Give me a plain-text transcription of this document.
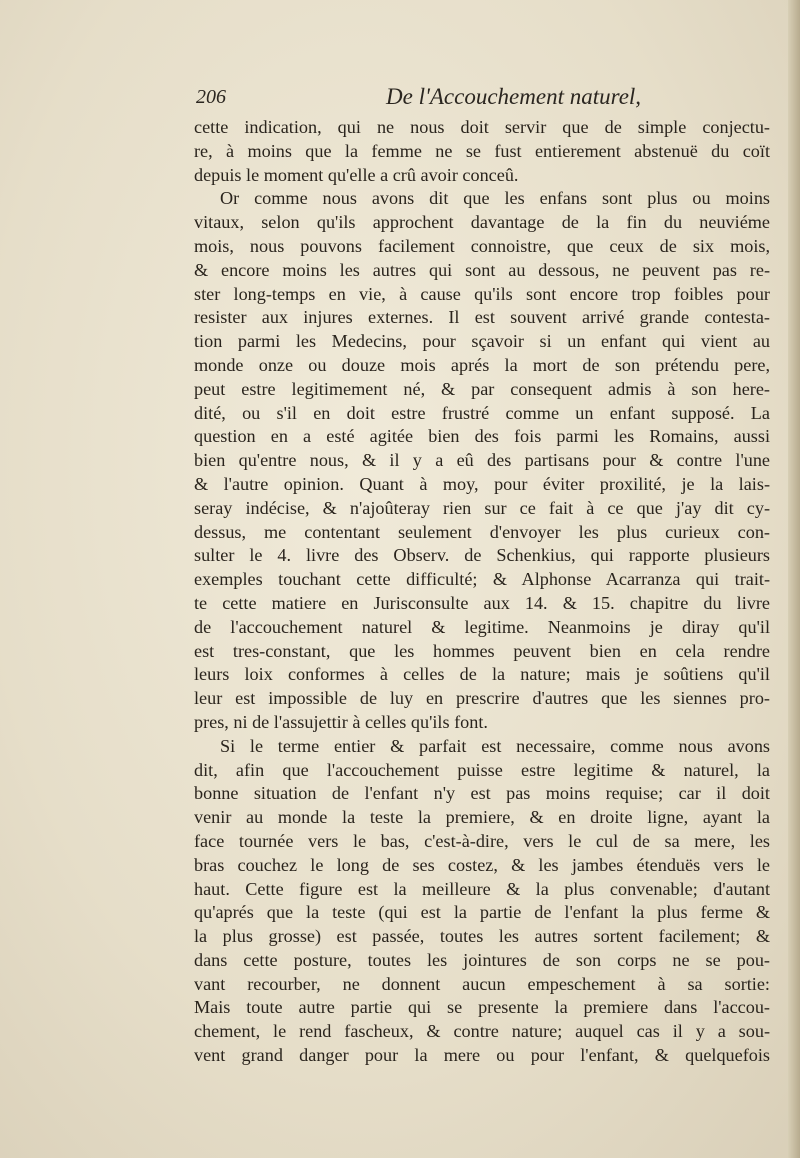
206	De l'Accouchement naturel,
cette indication, qui ne nous doit servir que de simple conjectu-
re, à moins que la femme ne se fust entierement abstenuë du coït
depuis le moment qu'elle a crû avoir conceû.
Or comme nous avons dit que les enfans sont plus ou moins
vitaux, selon qu'ils approchent davantage de la fin du neuviéme
mois, nous pouvons facilement connoistre, que ceux de six mois,
& encore moins les autres qui sont au dessous, ne peuvent pas re-
ster long-temps en vie, à cause qu'ils sont encore trop foibles pour
resister aux injures externes. Il est souvent arrivé grande contesta-
tion parmi les Medecins, pour sçavoir si un enfant qui vient au
monde onze ou douze mois aprés la mort de son prétendu pere,
peut estre legitimement né, & par consequent admis à son here-
dité, ou s'il en doit estre frustré comme un enfant supposé. La
question en a esté agitée bien des fois parmi les Romains, aussi
bien qu'entre nous, & il y a eû des partisans pour & contre l'une
& l'autre opinion. Quant à moy, pour éviter proxilité, je la lais-
seray indécise, & n'ajoûteray rien sur ce fait à ce que j'ay dit cy-
dessus, me contentant seulement d'envoyer les plus curieux con-
sulter le 4. livre des Observ. de Schenkius, qui rapporte plusieurs
exemples touchant cette difficulté; & Alphonse Acarranza qui trait-
te cette matiere en Jurisconsulte aux 14. & 15. chapitre du livre
de l'accouchement naturel & legitime. Neanmoins je diray qu'il
est tres-constant, que les hommes peuvent bien en cela rendre
leurs loix conformes à celles de la nature; mais je soûtiens qu'il
leur est impossible de luy en prescrire d'autres que les siennes pro-
pres, ni de l'assujettir à celles qu'ils font.
Si le terme entier & parfait est necessaire, comme nous avons
dit, afin que l'accouchement puisse estre legitime & naturel, la
bonne situation de l'enfant n'y est pas moins requise; car il doit
venir au monde la teste la premiere, & en droite ligne, ayant la
face tournée vers le bas, c'est-à-dire, vers le cul de sa mere, les
bras couchez le long de ses costez, & les jambes étenduës vers le
haut. Cette figure est la meilleure & la plus convenable; d'autant
qu'aprés que la teste (qui est la partie de l'enfant la plus ferme &
la plus grosse) est passée, toutes les autres sortent facilement; &
dans cette posture, toutes les jointures de son corps ne se pou-
vant recourber, ne donnent aucun empeschement à sa sortie:
Mais toute autre partie qui se presente la premiere dans l'accou-
chement, le rend fascheux, & contre nature; auquel cas il y a sou-
vent grand danger pour la mere ou pour l'enfant, & quelquefois
